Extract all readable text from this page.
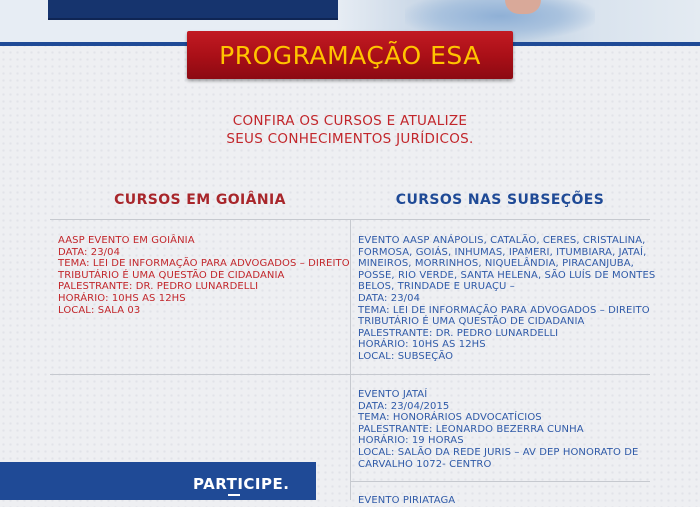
PROGRAMAÇÃO ESA
CONFIRA OS CURSOS E ATUALIZE
SEUS CONHECIMENTOS JURÍDICOS.
CURSOS EM GOIÂNIA	CURSOS NAS SUBSEÇÕES
AASP EVENTO EM GOIÂNIA
DATA: 23/04
TEMA: LEI DE INFORMAÇÃO PARA ADVOGADOS – DIREITO
TRIBUTÁRIO É UMA QUESTÃO DE CIDADANIA
PALESTRANTE: DR. PEDRO LUNARDELLI
HORÁRIO: 10HS AS 12HS
LOCAL: SALA 03
EVENTO AASP ANÁPOLIS, CATALÃO, CERES, CRISTALINA,
FORMOSA, GOIÁS, INHUMAS, IPAMERI, ITUMBIARA, JATAÍ,
MINEIROS, MORRINHOS, NIQUELÂNDIA, PIRACANJUBA,
POSSE, RIO VERDE, SANTA HELENA, SÃO LUÍS DE MONTES
BELOS, TRINDADE E URUAÇU –
DATA: 23/04
TEMA: LEI DE INFORMAÇÃO PARA ADVOGADOS – DIREITO
TRIBUTÁRIO É UMA QUESTÃO DE CIDADANIA
PALESTRANTE: DR. PEDRO LUNARDELLI
HORÁRIO: 10HS AS 12HS
LOCAL: SUBSEÇÃO
EVENTO JATAÍ
DATA: 23/04/2015
TEMA: HONORÁRIOS ADVOCATÍCIOS
PALESTRANTE: LEONARDO BEZERRA CUNHA
HORÁRIO: 19 HORAS
LOCAL: SALÃO DA REDE JURIS – AV DEP HONORATO DE
CARVALHO 1072- CENTRO
EVENTO PIRIATAGA
PARTICIPE.
